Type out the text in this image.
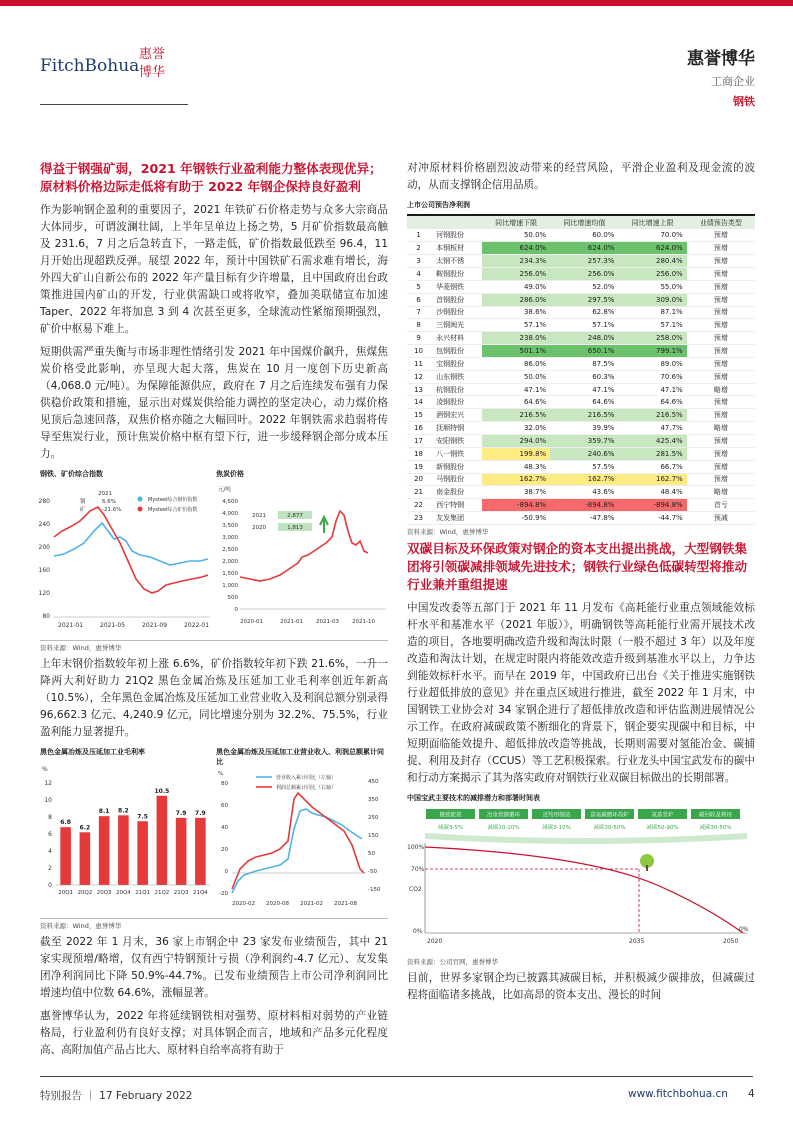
FitchBohua
惠誉
博华
惠誉博华
工商企业
钢铁
得益于钢强矿弱，2021 年钢铁行业盈利能力整体表现优异；原材料价格边际走低将有助于 2022 年钢企保持良好盈利
作为影响钢企盈利的重要因子，2021 年铁矿石价格走势与众多大宗商品大体同步，可谓波澜壮阔，上半年呈单边上扬之势，5 月矿价指数最高触及 231.6，7 月之后急转直下，一路走低，矿价指数最低跌至 96.4，11 月开始出现超跌反弹。展望 2022 年，预计中国铁矿石需求难有增长，海外四大矿山自新公布的 2022 年产量目标有少许增量，且中国政府出台政策推进国内矿山的开发，行业供需缺口或将收窄，叠加美联储宣布加速 Taper、2022 年将加息 3 到 4 次甚至更多，全球流动性紧缩预期强烈，矿价中枢易下难上。
短期供需严重失衡与市场非理性情绪引发 2021 年中国煤价飙升，焦煤焦炭价格受此影响，亦呈现大起大落，焦炭在 10 月一度创下历史新高（4,068.0 元/吨）。为保障能源供应，政府在 7 月之后连续发布强有力保供稳价政策和措施，显示出对煤炭供给能力调控的坚定决心，动力煤价格见顶后急速回落，双焦价格亦随之大幅回叶。2022 年钢铁需求趋弱将传导至焦炭行业，预计焦炭价格中枢有望下行，进一步缓释钢企部分成本压力。
钢铁、矿价综合指数
280
240
200
160
120
80
2021-01	2021-05	2021-09	2022-01
2021
钢	6.6%
矿	-21.6%
Mysteel综合钢价指数
Mysteel综合矿价指数
焦炭价格
元/吨
4,500
4,000
3,500
3,000
2,500
2,000
1,500
1,000
500
0
2020-01	2021-01 2021-03 2021-10
2021
2020
2,877
1,813
资料来源：Wind，惠誉博华
上年末钢价指数较年初上涨 6.6%，矿价指数较年初下跌 21.6%，一升一降两大利好助力 21Q2 黑色金属冶炼及压延加工业毛利率创近年新高（10.5%），全年黑色金属冶炼及压延加工业营业收入及利润总额分别录得 96,662.3 亿元、4,240.9 亿元，同比增速分别为 32.2%、75.5%，行业盈利能力显著提升。
黑色金属冶炼及压延加工业毛利率
%
12
10
8
6
4
2
0
6.8
20Q1
6.2
20Q2
8.1
20Q3
8.2
20Q4
7.5
21Q1
10.5
21Q2
7.9
21Q3
7.9
21Q4
黑色金属冶炼及压延加工业营业收入、利润总额累计同比
%
80
60
40
20
0
-20
450
350
250
150
50
-50
-150
2020-02 2020-08 2021-02 2021-08
营业收入累计同比（左轴）
利润总额累计同比（右轴）
资料来源：Wind，惠誉博华
截至 2022 年 1 月末，36 家上市钢企中 23 家发布业绩预告，其中 21 家实现预增/略增，仅有西宁特钢预计亏损（净利润约-4.7 亿元）、友发集团净利润同比下降 50.9%-44.7%。已发布业绩预告上市公司净利润同比增速均值中位数 64.6%，涨幅显著。
惠誉博华认为，2022 年将延续钢铁相对强势、原材料相对弱势的产业链格局，行业盈利仍有良好支撑；对具体钢企而言，地域和产品多元化程度高、高附加值产品占比大、原材料自给率高将有助于
对冲原材料价格剧烈波动带来的经营风险，平滑企业盈利及现金流的波动，从而支撑钢企信用品质。
上市公司预告净利润
		同比增速下限	同比增速均值	同比增速上限	业绩预告类型
1	河钢股份	50.0%	60.0%	70.0%	预增
2	本钢板材	624.0%	624.0%	624.0%	预增
3	太钢不锈	234.3%	257.3%	280.4%	预增
4	鞍钢股份	256.0%	256.0%	256.0%	预增
5	华菱钢铁	49.0%	52.0%	55.0%	预增
6	首钢股份	286.0%	297.5%	309.0%	预增
7	沙钢股份	38.6%	62.8%	87.1%	预增
8	三钢闽光	57.1%	57.1%	57.1%	预增
9	永兴材料	238.0%	248.0%	258.0%	预增
10	包钢股份	501.1%	650.1%	799.1%	预增
11	宝钢股份	86.0%	87.5%	89.0%	预增
12	山东钢铁	50.0%	60.3%	70.6%	预增
13	杭钢股份	47.1%	47.1%	47.1%	略增
14	凌钢股份	64.6%	64.6%	64.6%	预增
15	酒钢宏兴	216.5%	216.5%	216.5%	预增
16	抚顺特钢	32.0%	39.9%	47.7%	略增
17	安阳钢铁	294.0%	359.7%	425.4%	预增
18	八一钢铁	199.8%	240.6%	281.5%	预增
19	新钢股份	48.3%	57.5%	66.7%	预增
20	马钢股份	162.7%	162.7%	162.7%	预增
21	南金股份	38.7%	43.6%	48.4%	略增
22	西宁特钢	-894.8%	-894.8%	-894.8%	首亏
23	友发集团	-50.9%	-47.8%	-44.7%	预减
资料来源：Wind，惠誉博华
双碳目标及环保政策对钢企的资本支出提出挑战，大型钢铁集团将引领碳减排领域先进技术；钢铁行业绿色低碳转型将推动行业兼并重组提速
中国发改委等五部门于 2021 年 11 月发布《高耗能行业重点领域能效标杆水平和基准水平（2021 年版）》，明确钢铁等高耗能行业需开展技术改造的项目，各地要明确改造升级和淘汰时限（一般不超过 3 年）以及年度改造和淘汰计划，在规定时限内将能效改造升级到基准水平以上，力争达到能效标杆水平。而早在 2019 年，中国政府已出台《关于推进实施钢铁行业超低排放的意见》并在重点区域进行推进，截至 2022 年 1 月末，中国钢铁工业协会对 34 家钢企进行了超低排放改造和评估监测进展情况公示工作。在政府减碳政策不断细化的背景下，钢企要实现碳中和目标，中短期面临能效提升、超低排放改造等挑战，长期则需要对氢能冶金、碳捕捉、利用及封存（CCUS）等工艺积极探索。行业龙头中国宝武发布的碳中和行动方案揭示了其为落实政府对钢铁行业双碳目标做出的长期部署。
中国宝武主要技术的减排潜力和部署时间表
极致能效
减碳3-5%
冶金资源循环
减碳10-20%
近终形制造
减碳3-10%
富氢碳循环高炉
减碳30-50%
氢基竖炉
减碳50-90%
碳回收及利用
减碳30-50%
100%
70%
CO2
0%
2020	2035	2050
0%
资料来源：公司官网，惠誉博华
目前，世界多家钢企均已披露其减碳目标，并积极减少碳排放，但减碳过程将面临诸多挑战，比如高昂的资本支出、漫长的时间
特别报告 ｜ 17 February 2022	www.fitchbohua.cn 4
